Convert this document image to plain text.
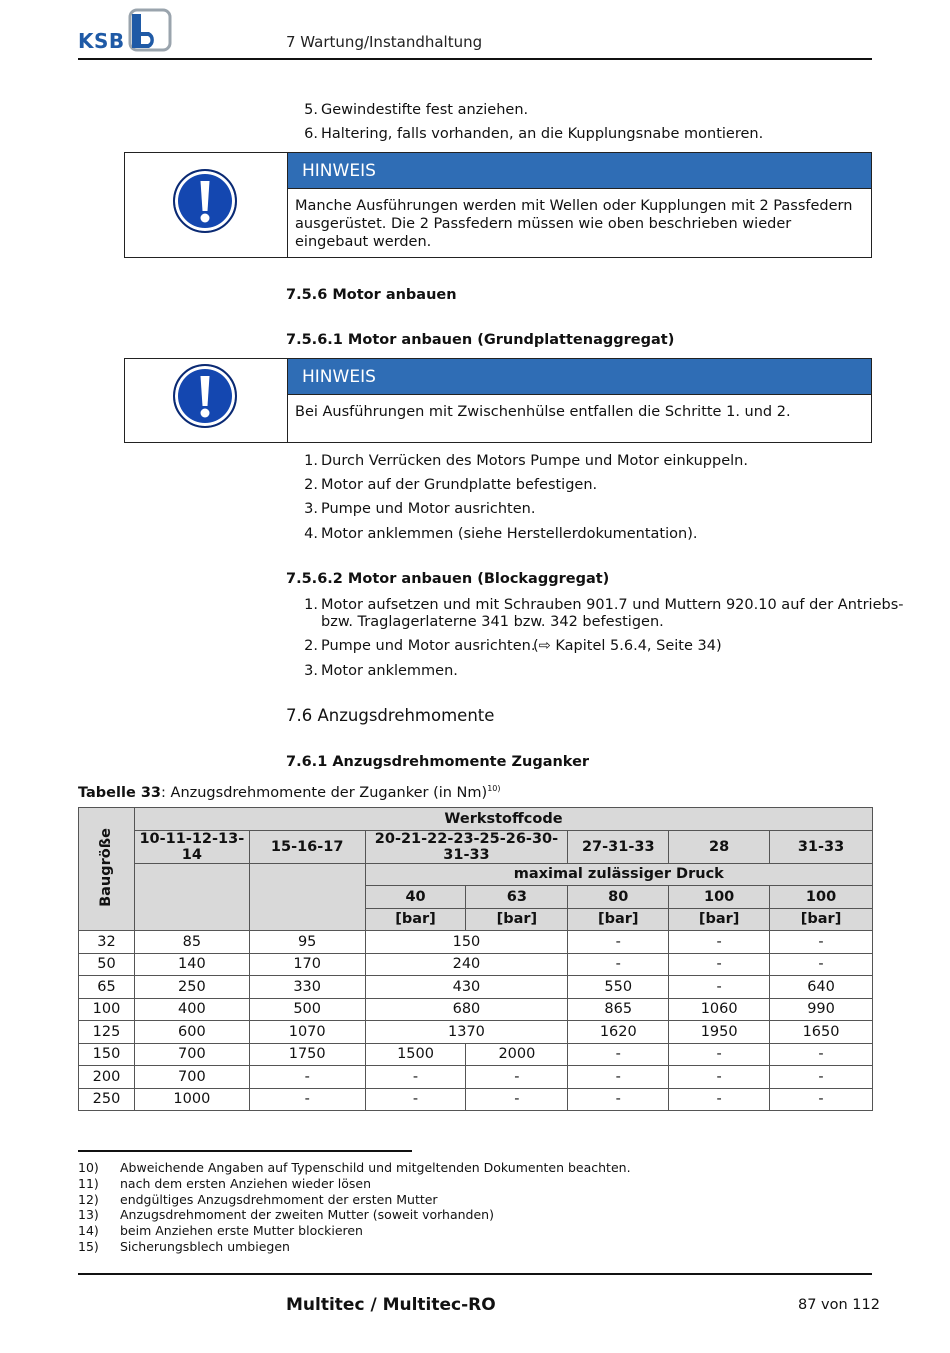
KSB	7 Wartung/Instandhaltung
5. Gewindestifte fest anziehen.
6. Haltering, falls vorhanden, an die Kupplungsnabe montieren.
HINWEIS
Manche Ausführungen werden mit Wellen oder Kupplungen mit 2 Passfedern ausgerüstet. Die 2 Passfedern müssen wie oben beschrieben wieder eingebaut werden.
7.5.6 Motor anbauen
7.5.6.1 Motor anbauen (Grundplattenaggregat)
HINWEIS
Bei Ausführungen mit Zwischenhülse entfallen die Schritte 1. und 2.
1. Durch Verrücken des Motors Pumpe und Motor einkuppeln.
2. Motor auf der Grundplatte befestigen.
3. Pumpe und Motor ausrichten.
4. Motor anklemmen (siehe Herstellerdokumentation).
7.5.6.2 Motor anbauen (Blockaggregat)
1. Motor aufsetzen und mit Schrauben 901.7 und Muttern 920.10 auf der Antriebs-
bzw. Traglagerlaterne 341 bzw. 342 befestigen.
2. Pumpe und Motor ausrichten.
(⇨ Kapitel 5.6.4, Seite 34)
3. Motor anklemmen.
7.6 Anzugsdrehmomente
7.6.1 Anzugsdrehmomente Zuganker
Tabelle 33: Anzugsdrehmomente der Zuganker (in Nm)$^{10)}$
Baugröße	Werkstoffcode						
	10-11-12-13-14	15-16-17	20-21-22-23-25-26-30-31-33		27-31-33	28	31-33
			maximal zulässiger Druck				
			40	63	80	100	100
			[bar]	[bar]	[bar]	[bar]	[bar]
32	85	95	150		-	-	-
50	140	170	240		-	-	-
65	250	330	430		550	-	640
100	400	500	680		865	1060	990
125	600	1070	1370		1620	1950	1650
150	700	1750	1500	2000	-	-	-
200	700	-	-	-	-	-	-
250	1000	-	-	-	-	-	-
10) Abweichende Angaben auf Typenschild und mitgeltenden Dokumenten beachten.
11) nach dem ersten Anziehen wieder lösen
12) endgültiges Anzugsdrehmoment der ersten Mutter
13) Anzugsdrehmoment der zweiten Mutter (soweit vorhanden)
14) beim Anziehen erste Mutter blockieren
15) Sicherungsblech umbiegen
Multitec / Multitec-RO	87 von 112
